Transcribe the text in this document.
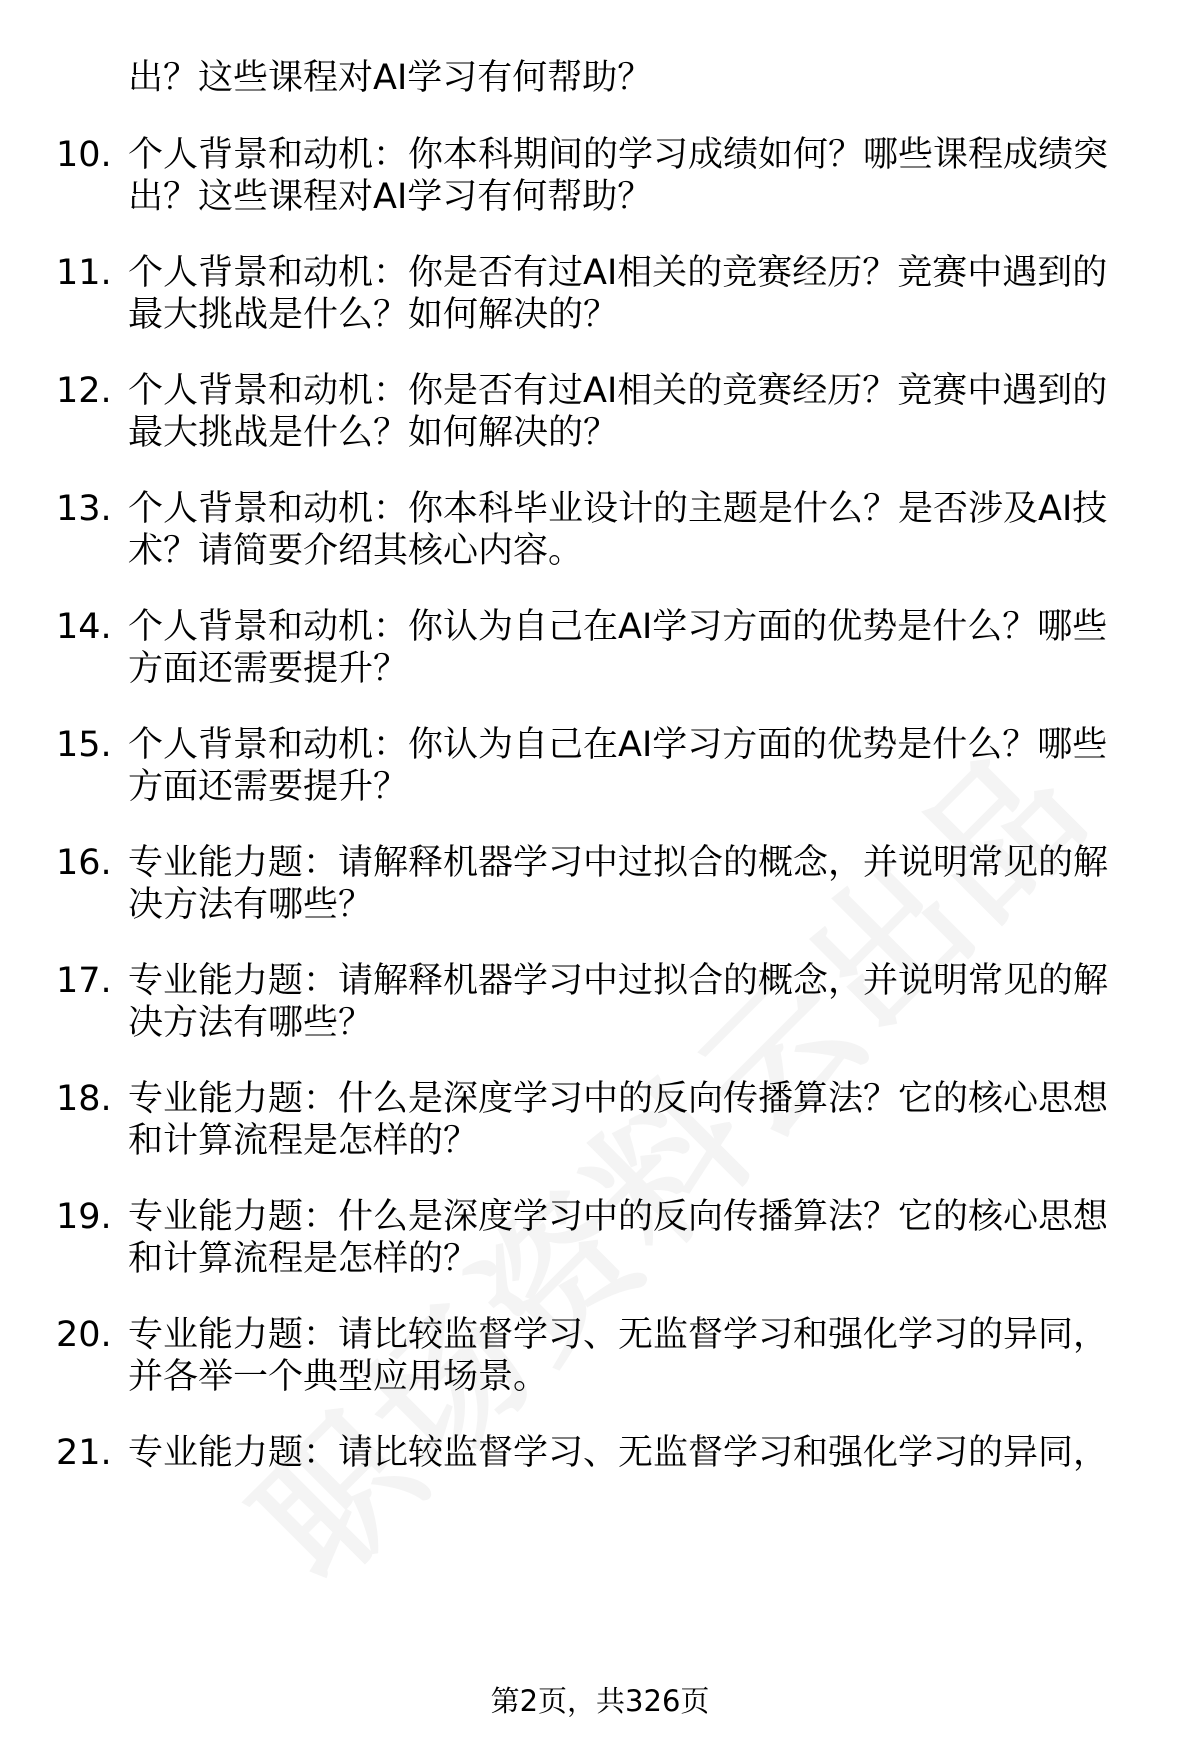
出？这些课程对AI学习有何帮助？
10. 个人背景和动机：你本科期间的学习成绩如何？哪些课程成绩突
出？这些课程对AI学习有何帮助？
11. 个人背景和动机：你是否有过AI相关的竞赛经历？竞赛中遇到的
最大挑战是什么？如何解决的？
12. 个人背景和动机：你是否有过AI相关的竞赛经历？竞赛中遇到的
最大挑战是什么？如何解决的？
13. 个人背景和动机：你本科毕业设计的主题是什么？是否涉及AI技
术？请简要介绍其核心内容。
14. 个人背景和动机：你认为自己在AI学习方面的优势是什么？哪些
方面还需要提升？
15. 个人背景和动机：你认为自己在AI学习方面的优势是什么？哪些
方面还需要提升？
16. 专业能力题：请解释机器学习中过拟合的概念，并说明常见的解
决方法有哪些？
17. 专业能力题：请解释机器学习中过拟合的概念，并说明常见的解
决方法有哪些？
18. 专业能力题：什么是深度学习中的反向传播算法？它的核心思想
和计算流程是怎样的？
19. 专业能力题：什么是深度学习中的反向传播算法？它的核心思想
和计算流程是怎样的？
20. 专业能力题：请比较监督学习、无监督学习和强化学习的异同，
并各举一个典型应用场景。
21. 专业能力题：请比较监督学习、无监督学习和强化学习的异同，
第2页，共326页
